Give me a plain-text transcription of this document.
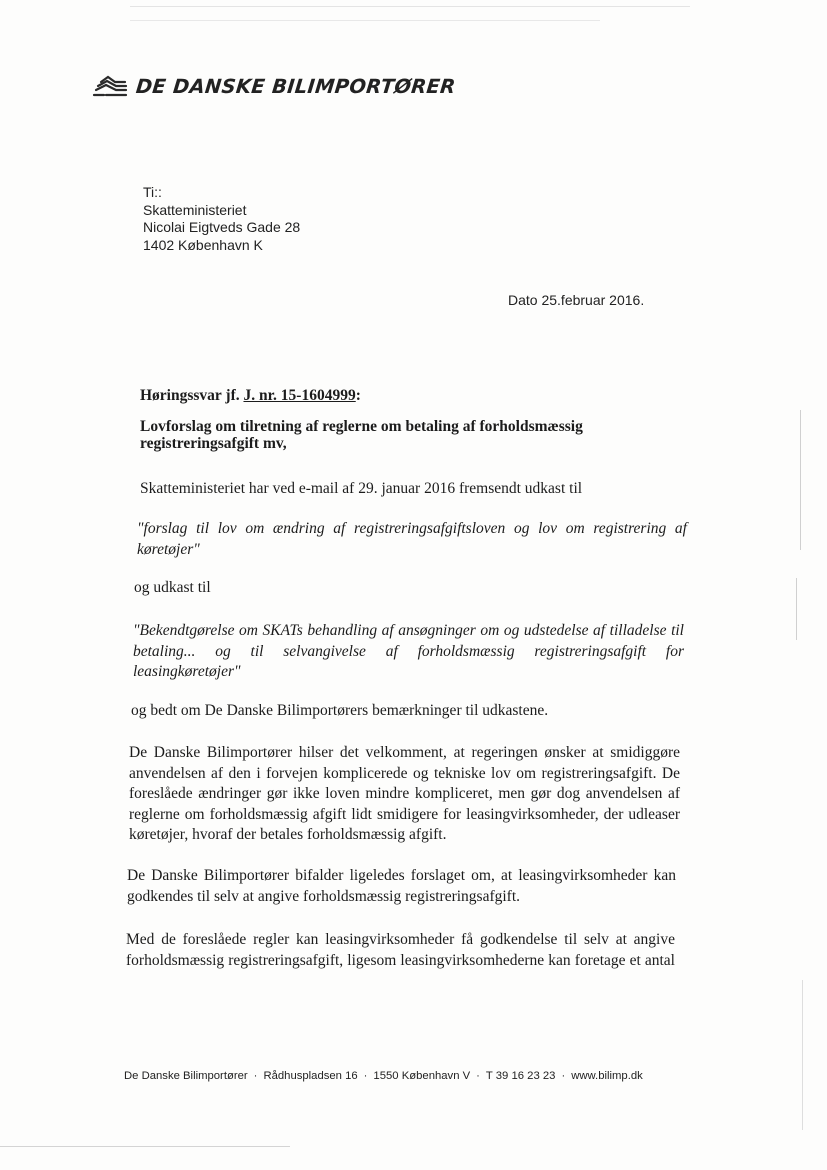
DE DANSKE BILIMPORTØRER
Ti::
Skatteministeriet
Nicolai Eigtveds Gade 28
1402 København K
Dato 25.februar 2016.
Høringssvar jf. J. nr. 15-1604999:
Lovforslag om tilretning af reglerne om betaling af forholdsmæssig registreringsafgift mv,
Skatteministeriet har ved e-mail af 29. januar 2016 fremsendt udkast til
"forslag til lov om ændring af registreringsafgiftsloven og lov om registrering af
køretøjer"
og udkast til
"Bekendtgørelse om SKATs behandling af ansøgninger om og udstedelse af tilladelse til
betaling... og til selvangivelse af forholdsmæssig registreringsafgift for
leasingkøretøjer"
og bedt om De Danske Bilimportørers bemærkninger til udkastene.
De Danske Bilimportører hilser det velkomment, at regeringen ønsker at smidiggøre
anvendelsen af den i forvejen komplicerede og tekniske lov om registreringsafgift. De
foreslåede ændringer gør ikke loven mindre kompliceret, men gør dog anvendelsen af
reglerne om forholdsmæssig afgift lidt smidigere for leasingvirksomheder, der udleaser
køretøjer, hvoraf der betales forholdsmæssig afgift.
De Danske Bilimportører bifalder ligeledes forslaget om, at leasingvirksomheder kan
godkendes til selv at angive forholdsmæssig registreringsafgift.
Med de foreslåede regler kan leasingvirksomheder få godkendelse til selv at angive
forholdsmæssig registreringsafgift, ligesom leasingvirksomhederne kan foretage et antal
De Danske Bilimportører · Rådhuspladsen 16 · 1550 København V · T 39 16 23 23 · www.bilimp.dk
